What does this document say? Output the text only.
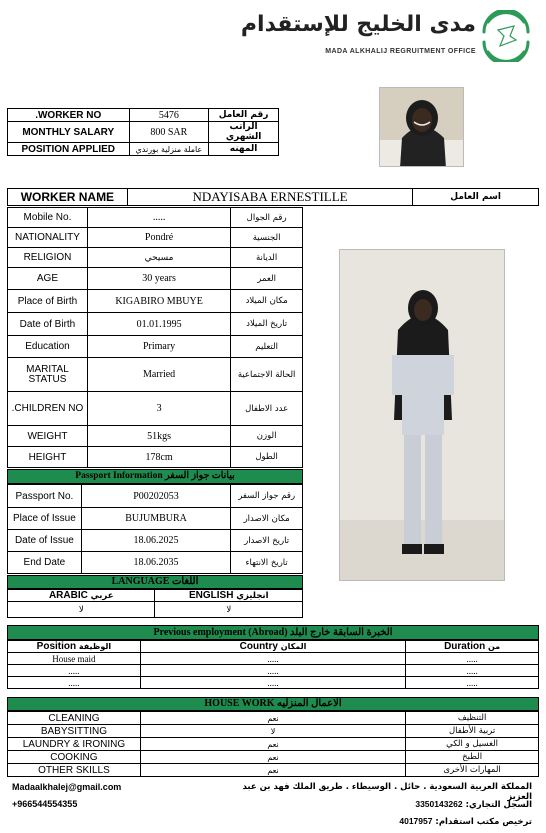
مدى الخليج للإستقدام
MADA ALKHALIJ REGRUITMENT OFFICE
.WORKER NO	5476	رقم العامل
MONTHLY SALARY	800 SAR	الراتب الشهري
POSITION APPLIED	عاملة منزلية بورندي	المهنه
WORKER NAME	NDAYISABA ERNESTILLE	اسم العامل
Mobile No.	.....	رقم الجوال
NATIONALITY	Pondré	الجنسية
RELIGION	مسيحي	الديانة
AGE	30 years	العمر
Place of Birth	KIGABIRO MBUYE	مكان الميلاد
Date of Birth	01.01.1995	تاريخ الميلاد
Education	Primary	التعليم
MARITAL STATUS	Married	الحالة الاجتماعية
.CHILDREN NO	3	عدد الاطفال
WEIGHT	51kgs	الوزن
HEIGHT	178cm	الطول
Passport Information بيانات جواز السفر
Passport No.	P00202053	رقم جواز السفر
Place of Issue	BUJUMBURA	مكان الاصدار
Date of Issue	18.06.2025	تاريخ الاصدار
End Date	18.06.2035	تاريخ الانتهاء
LANGUAGE اللغات
ARABIC عربي	ENGLISH انجليزي
لا	لا
Previous employment (Abroad) الخبرة السابقة خارج البلد
Position الوظيفة	Country المكان	Duration من
House maid	.....	.....
.....	.....	.....
.....	.....	.....
HOUSE WORK الاعمال المنزليه
CLEANING	نعم	التنظيف
BABYSITTING	لا	تربية الأطفال
LAUNDRY & IRONING	نعم	الغسيل و الكي
COOKING	نعم	الطبخ
OTHER SKILLS	نعم	المهارات الأخرى
Madaalkhalej@gmail.com
+966544554355
المملكة العربية السعودية . حائل . الوسيطاء . طريق الملك فهد بن عبد العزيز
السجل التجاري: 3350143262
ترخيص مكتب استقدام: 4017957
